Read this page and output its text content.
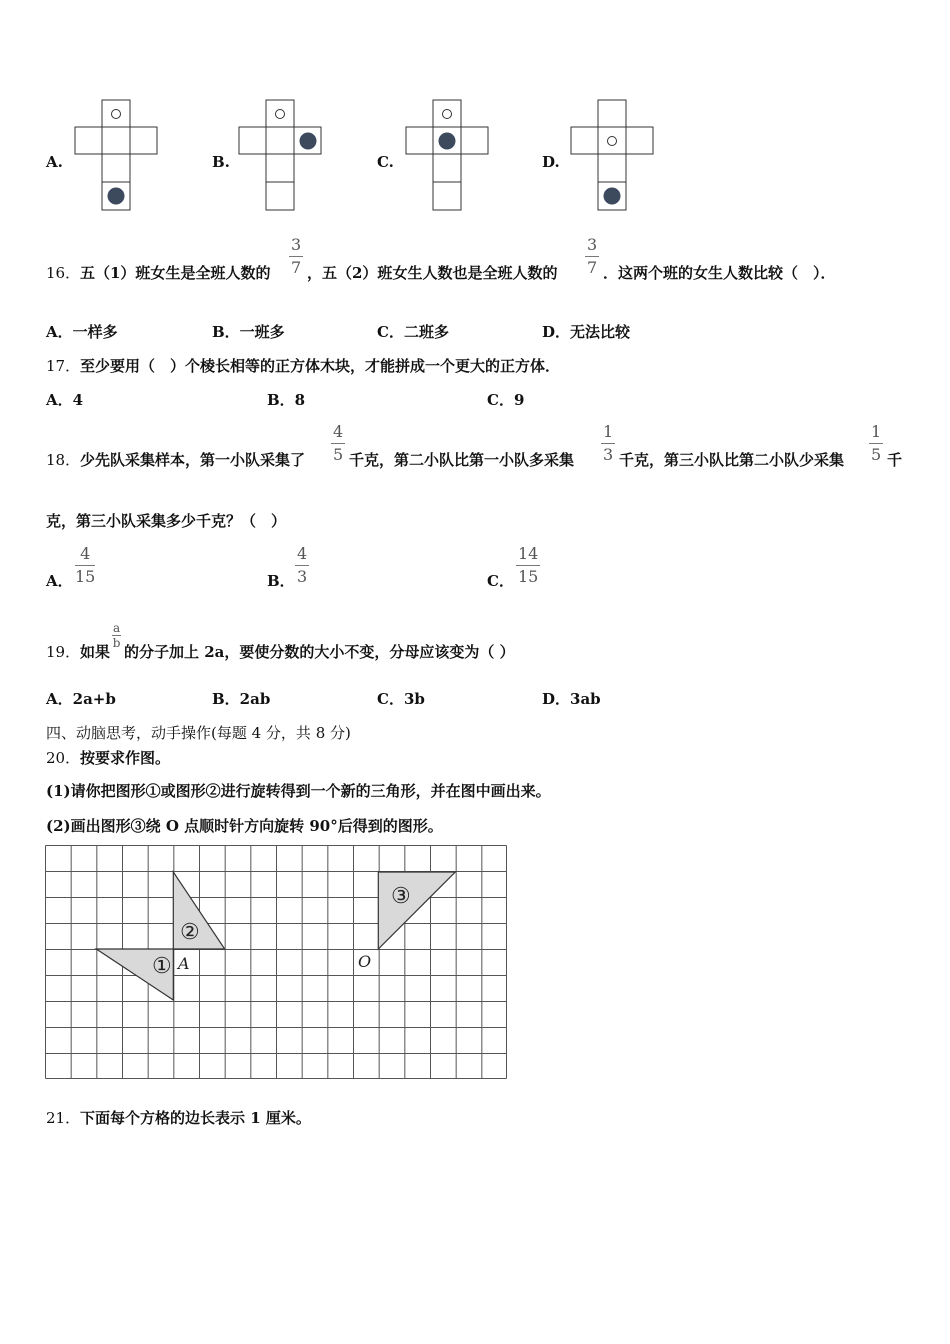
A.	B.	C.	D.
16． 五（1）班女生是全班人数的 $\frac{3}{7}$ ，五（2）班女生人数也是全班人数的 $\frac{3}{7}$ ．这两个班的女生人数比较（　）．
A．一样多	B．一班多	C．二班多	D．无法比较
17． 至少要用（　）个棱长相等的正方体木块，才能拼成一个更大的正方体．
A．4	B．8	C．9
18． 少先队采集样本，第一小队采集了 $\frac{4}{5}$ 千克，第二小队比第一小队多采集 $\frac{1}{3}$ 千克，第三小队比第二小队少采集 $\frac{1}{5}$ 千
克，第三小队采集多少千克？（　）
A． $\frac{4}{15}$	B． $\frac{4}{3}$	C． $\frac{14}{15}$
19． 如果
$\frac{a}{b}$
的分子加上 2a，要使分数的大小不变，分母应该变为（ ）
A．2a+b	B．2ab	C．3b	D．3ab
四、动脑思考，动手操作(每题 4 分，共 8 分)
20． 按要求作图。
(1)请你把图形①或图形②进行旋转得到一个新的三角形，并在图中画出来。
(2)画出图形③绕 O 点顺时针方向旋转 90°后得到的图形。
①
②
③
A	O
21． 下面每个方格的边长表示 1 厘米。
